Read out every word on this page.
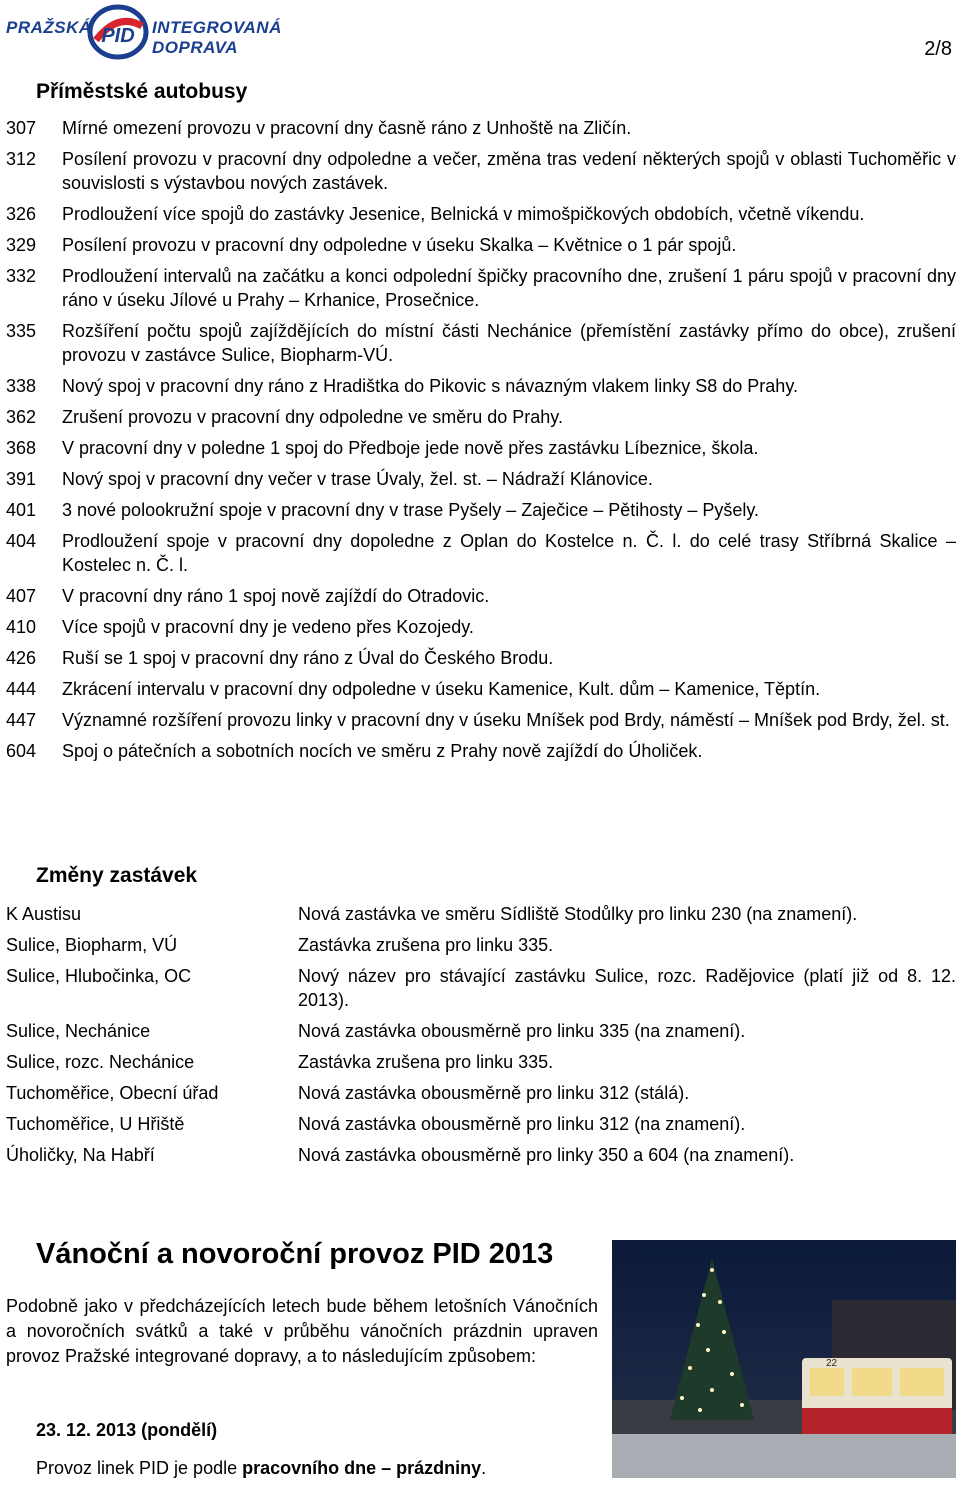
PRAŽSKÁ PID INTEGROVANÁ DOPRAVA	2/8
Příměstské autobusy
307	Mírné omezení provozu v pracovní dny časně ráno z Unhoště na Zličín.
312	Posílení provozu v pracovní dny odpoledne a večer, změna tras vedení některých spojů v oblasti Tuchoměřic v souvislosti s výstavbou nových zastávek.
326	Prodloužení více spojů do zastávky Jesenice, Belnická v mimošpičkových obdobích, včetně víkendu.
329	Posílení provozu v pracovní dny odpoledne v úseku Skalka – Květnice o 1 pár spojů.
332	Prodloužení intervalů na začátku a konci odpolední špičky pracovního dne, zrušení 1 páru spojů v pracovní dny ráno v úseku Jílové u Prahy – Krhanice, Prosečnice.
335	Rozšíření počtu spojů zajíždějících do místní části Nechánice (přemístění zastávky přímo do obce), zrušení provozu v zastávce Sulice, Biopharm-VÚ.
338	Nový spoj v pracovní dny ráno z Hradištka do Pikovic s návazným vlakem linky S8 do Prahy.
362	Zrušení provozu v pracovní dny odpoledne ve směru do Prahy.
368	V pracovní dny v poledne 1 spoj do Předboje jede nově přes zastávku Líbeznice, škola.
391	Nový spoj v pracovní dny večer v trase Úvaly, žel. st. – Nádraží Klánovice.
401	3 nové polookružní spoje v pracovní dny v trase Pyšely – Zaječice – Pětihosty – Pyšely.
404	Prodloužení spoje v pracovní dny dopoledne z Oplan do Kostelce n. Č. l. do celé trasy Stříbrná Skalice – Kostelec n. Č. l.
407	V pracovní dny ráno 1 spoj nově zajíždí do Otradovic.
410	Více spojů v pracovní dny je vedeno přes Kozojedy.
426	Ruší se 1 spoj v pracovní dny ráno z Úval do Českého Brodu.
444	Zkrácení intervalu v pracovní dny odpoledne v úseku Kamenice, Kult. dům – Kamenice, Těptín.
447	Významné rozšíření provozu linky v pracovní dny v úseku Mníšek pod Brdy, náměstí – Mníšek pod Brdy, žel. st.
604	Spoj o pátečních a sobotních nocích ve směru z Prahy nově zajíždí do Úholiček.
Změny zastávek
K Austisu	Nová zastávka ve směru Sídliště Stodůlky pro linku 230 (na znamení).
Sulice, Biopharm, VÚ	Zastávka zrušena pro linku 335.
Sulice, Hlubočinka, OC	Nový název pro stávající zastávku Sulice, rozc. Radějovice (platí již od 8. 12. 2013).
Sulice, Nechánice	Nová zastávka obousměrně pro linku 335 (na znamení).
Sulice, rozc. Nechánice	Zastávka zrušena pro linku 335.
Tuchoměřice, Obecní úřad	Nová zastávka obousměrně pro linku 312 (stálá).
Tuchoměřice, U Hřiště	Nová zastávka obousměrně pro linku 312 (na znamení).
Úholičky, Na Habří	Nová zastávka obousměrně pro linky 350 a 604 (na znamení).
Vánoční a novoroční provoz PID 2013
Podobně jako v předcházejících letech bude během letošních Vánočních a novoročních svátků a také v průběhu vánočních prázdnin upraven provoz Pražské integrované dopravy, a to následujícím způsobem:
23. 12. 2013 (pondělí)
Provoz linek PID je podle pracovního dne – prázdniny.
22
